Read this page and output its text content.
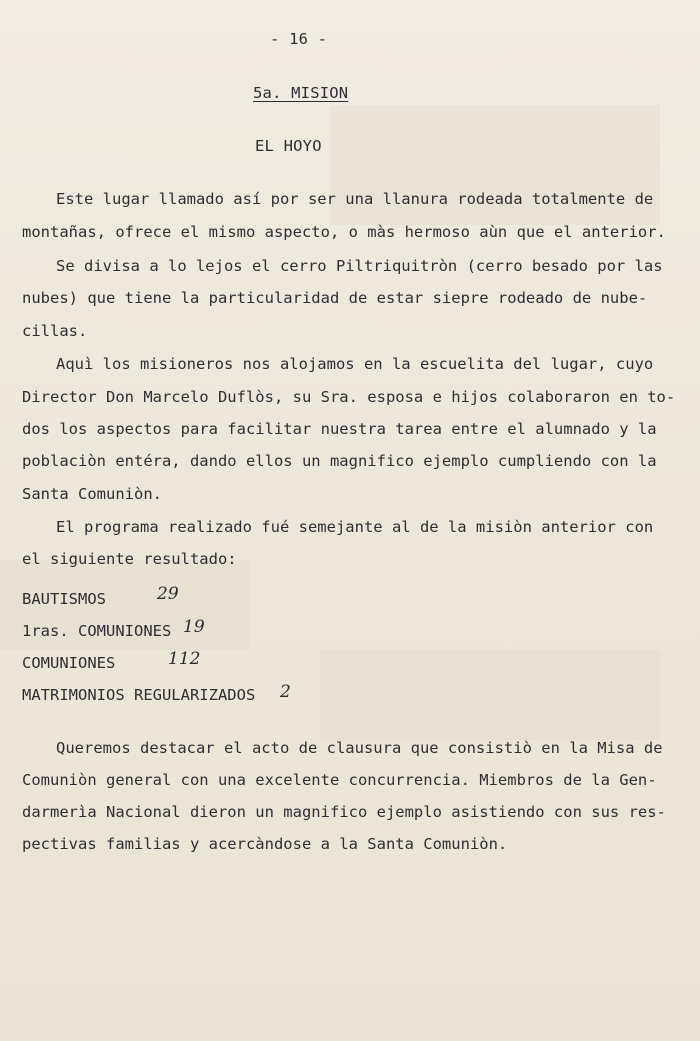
- 16 -
5a. MISION
EL HOYO
Este lugar llamado así por ser una llanura rodeada totalmente de
montañas, ofrece el mismo aspecto, o màs hermoso aùn que el anterior.
Se divisa a lo lejos el cerro Piltriquitròn (cerro besado por las
nubes) que tiene la particularidad de estar siepre rodeado de nube-
cillas.
Aquì los misioneros nos alojamos en la escuelita del lugar, cuyo
Director Don Marcelo Duflòs, su Sra. esposa e hijos colaboraron en to-
dos los aspectos para facilitar nuestra tarea entre el alumnado y la
poblaciòn entéra, dando ellos un magnifico ejemplo cumpliendo con la
Santa Comuniòn.
El programa realizado fué semejante al de la misiòn anterior con
el siguiente resultado:
BAUTISMOS	29
1ras. COMUNIONES 19
COMUNIONES	112
MATRIMONIOS REGULARIZADOS 2
Queremos destacar el acto de clausura que consistiò en la Misa de
Comuniòn general con una excelente concurrencia. Miembros de la Gen-
darmerìa Nacional dieron un magnifico ejemplo asistiendo con sus res-
pectivas familias y acercàndose a la Santa Comuniòn.
